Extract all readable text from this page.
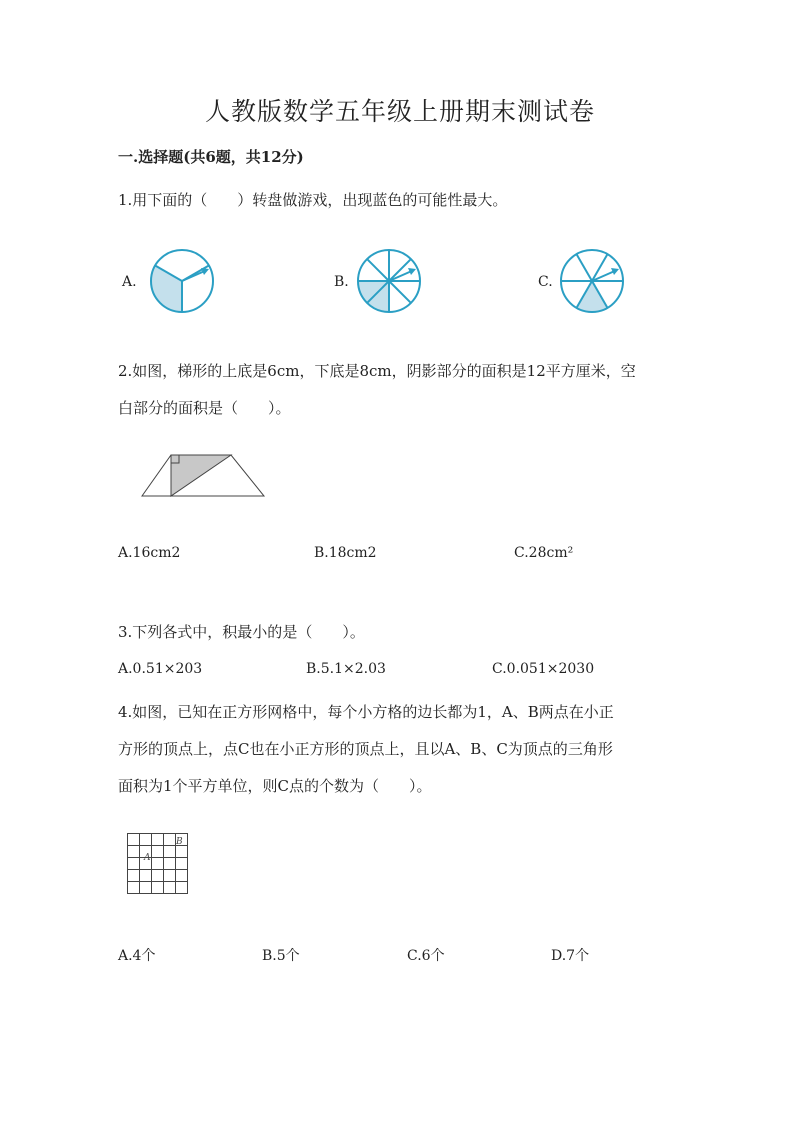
人教版数学五年级上册期末测试卷
一.选择题(共6题，共12分)
1.用下面的（　　）转盘做游戏，出现蓝色的可能性最大。
A.	B.	C.
2.如图，梯形的上底是6cm，下底是8cm，阴影部分的面积是12平方厘米，空
白部分的面积是（　　）。
A.16cm2	B.18cm2	C.28cm²
3.下列各式中，积最小的是（　　）。
A.0.51×203	B.5.1×2.03	C.0.051×2030
4.如图，已知在正方形网格中，每个小方格的边长都为1，A、B两点在小正
方形的顶点上，点C也在小正方形的顶点上，且以A、B、C为顶点的三角形
面积为1个平方单位，则C点的个数为（　　）。
A
B
A.4个	B.5个	C.6个	D.7个
